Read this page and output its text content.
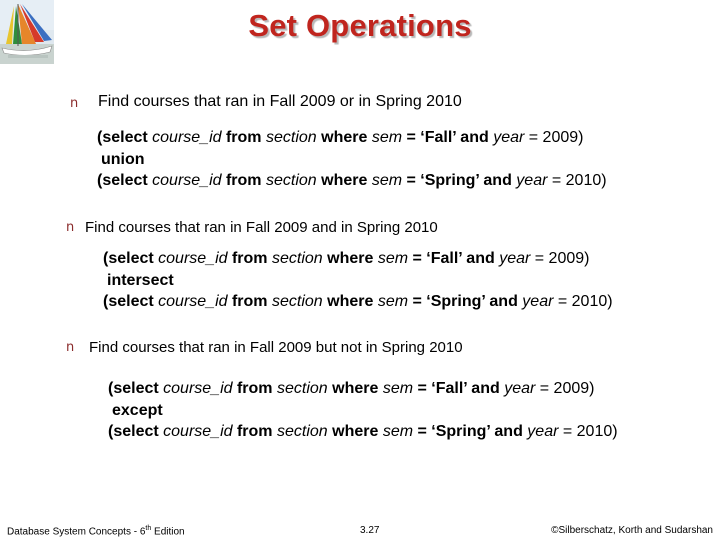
Set Operations
n Find courses that ran in Fall 2009 or in Spring 2010
(select course_id from section where sem = ‘Fall’ and year = 2009)
union
(select course_id from section where sem = ‘Spring’ and year = 2010)
n Find courses that ran in Fall 2009 and in Spring 2010
(select course_id from section where sem = ‘Fall’ and year = 2009)
intersect
(select course_id from section where sem = ‘Spring’ and year = 2010)
n Find courses that ran in Fall 2009 but not in Spring 2010
(select course_id from section where sem = ‘Fall’ and year = 2009)
except
(select course_id from section where sem = ‘Spring’ and year = 2010)
Database System Concepts - 6th Edition	3.27	©Silberschatz, Korth and Sudarshan
